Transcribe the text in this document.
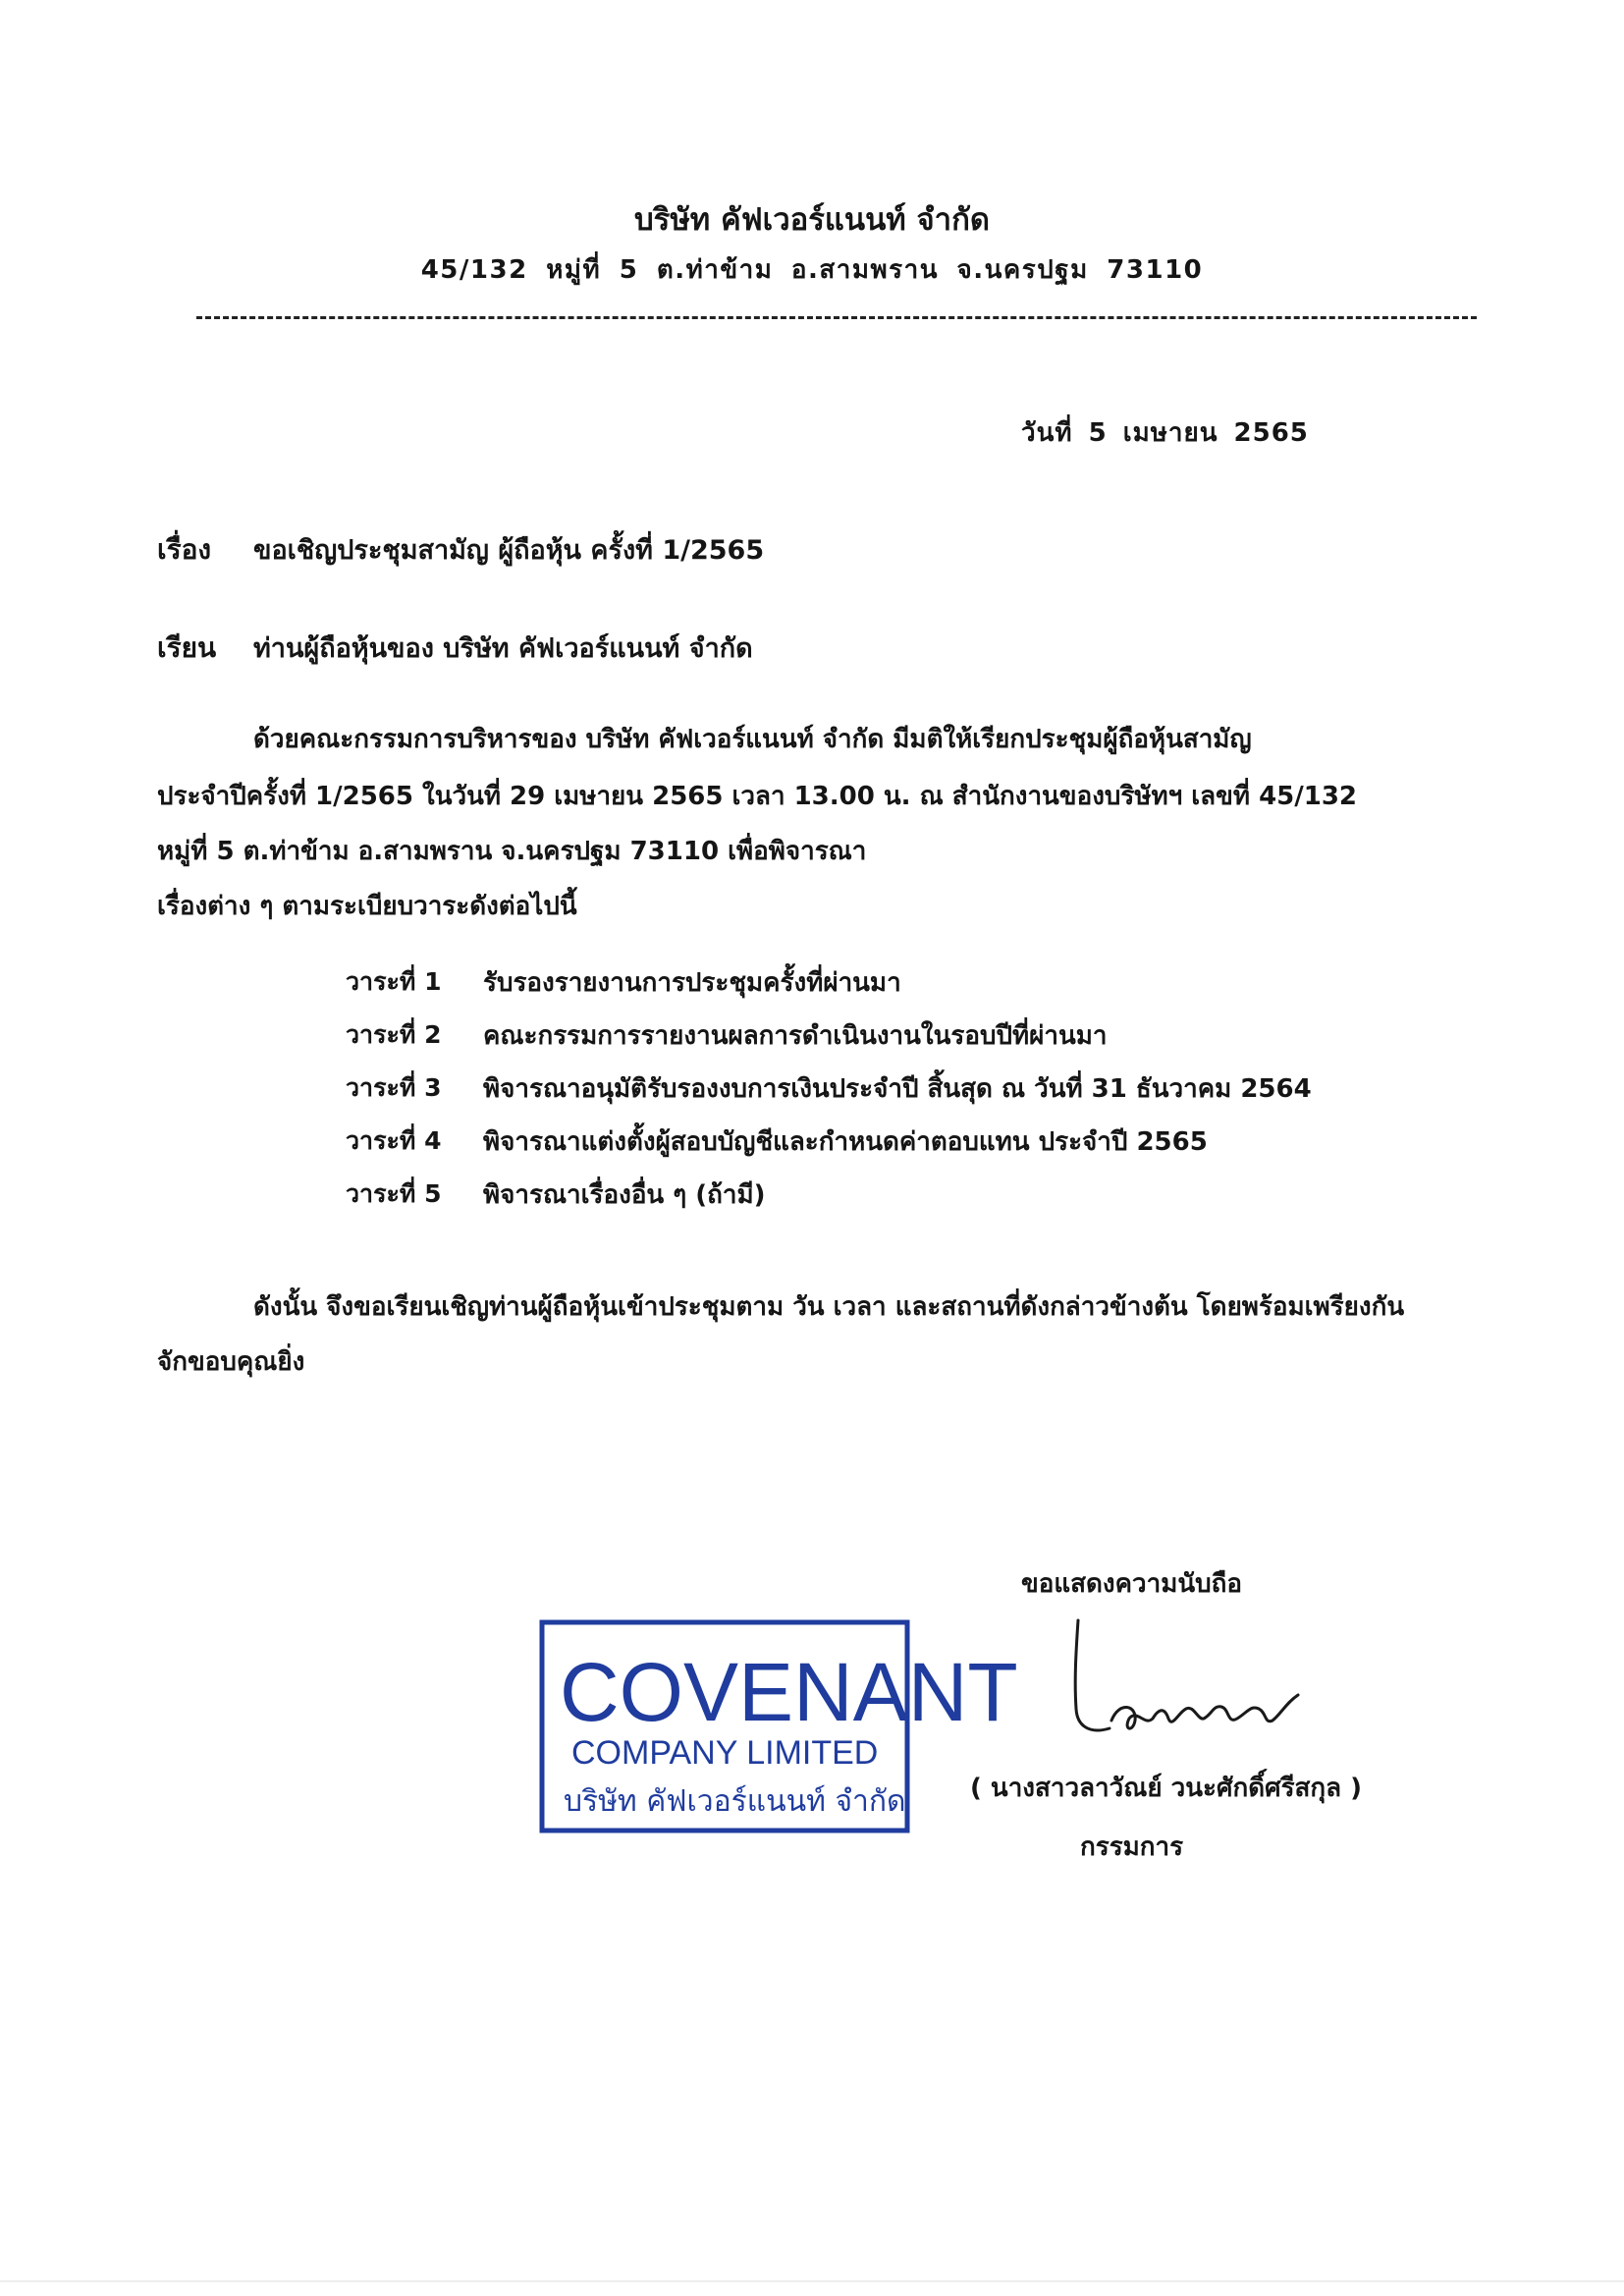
บริษัท คัฟเวอร์แนนท์ จำกัด
45/132 หมู่ที่ 5 ต.ท่าข้าม อ.สามพราน จ.นครปฐม 73110
วันที่ 5 เมษายน 2565
เรื่อง ขอเชิญประชุมสามัญ ผู้ถือหุ้น ครั้งที่ 1/2565
เรียน ท่านผู้ถือหุ้นของ บริษัท คัฟเวอร์แนนท์ จำกัด
ด้วยคณะกรรมการบริหารของ บริษัท คัฟเวอร์แนนท์ จำกัด มีมติให้เรียกประชุมผู้ถือหุ้นสามัญ
ประจำปีครั้งที่ 1/2565 ในวันที่ 29 เมษายน 2565 เวลา 13.00 น. ณ สำนักงานของบริษัทฯ เลขที่ 45/132
หมู่ที่ 5 ต.ท่าข้าม อ.สามพราน จ.นครปฐม 73110 เพื่อพิจารณา
เรื่องต่าง ๆ ตามระเบียบวาระดังต่อไปนี้
วาระที่ 1 รับรองรายงานการประชุมครั้งที่ผ่านมา
วาระที่ 2 คณะกรรมการรายงานผลการดำเนินงานในรอบปีที่ผ่านมา
วาระที่ 3 พิจารณาอนุมัติรับรองงบการเงินประจำปี สิ้นสุด ณ วันที่ 31 ธันวาคม 2564
วาระที่ 4 พิจารณาแต่งตั้งผู้สอบบัญชีและกำหนดค่าตอบแทน ประจำปี 2565
วาระที่ 5 พิจารณาเรื่องอื่น ๆ (ถ้ามี)
ดังนั้น จึงขอเรียนเชิญท่านผู้ถือหุ้นเข้าประชุมตาม วัน เวลา และสถานที่ดังกล่าวข้างต้น โดยพร้อมเพรียงกัน
จักขอบคุณยิ่ง
ขอแสดงความนับถือ
COVENANT
COMPANY LIMITED
บริษัท คัฟเวอร์แนนท์ จำกัด	( นางสาวลาวัณย์ วนะศักดิ์ศรีสกุล )
กรรมการ
